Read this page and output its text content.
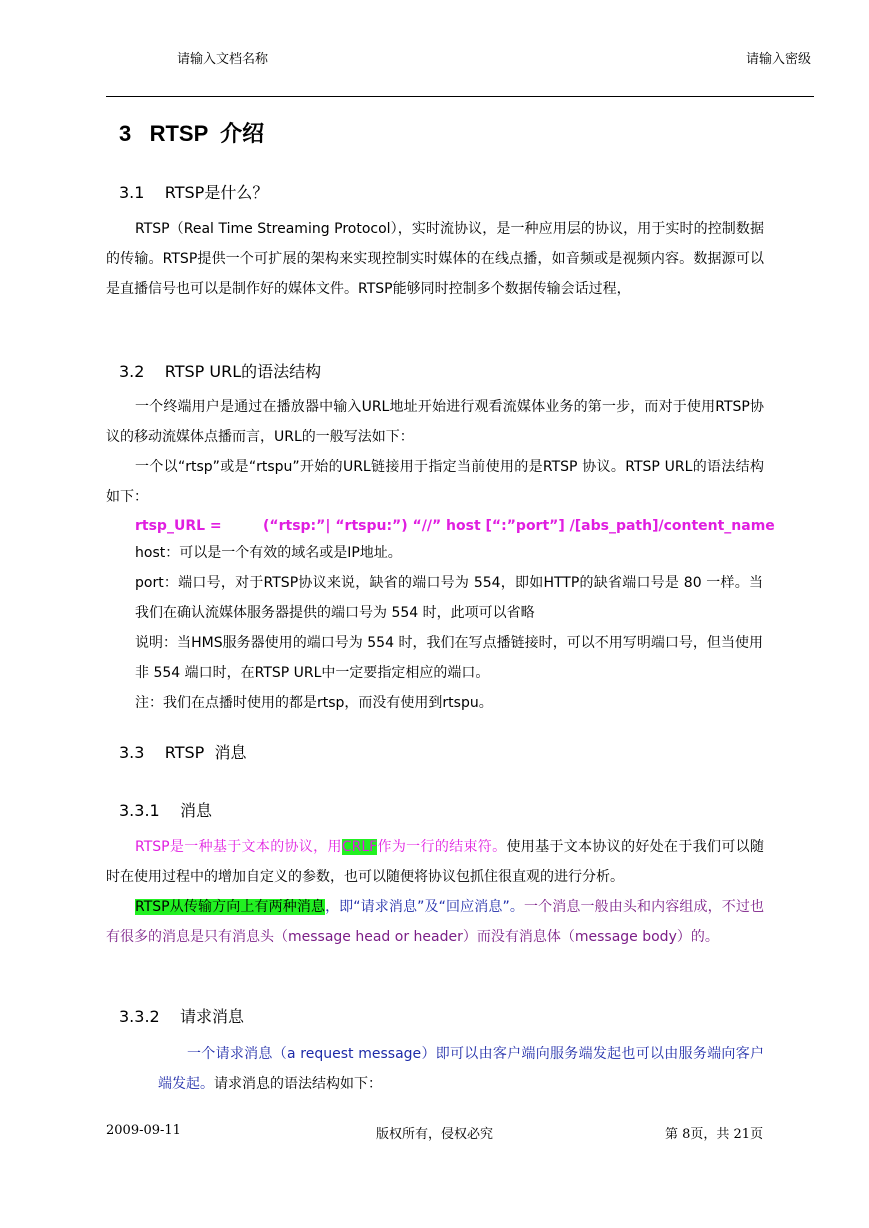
请输入文档名称	请输入密级
3   RTSP  介绍
3.1    RTSP是什么？
RTSP（Real Time Streaming Protocol），实时流协议，是一种应用层的协议，用于实时的控制数据的传输。RTSP提供一个可扩展的架构来实现控制实时媒体的在线点播，如音频或是视频内容。数据源可以是直播信号也可以是制作好的媒体文件。RTSP能够同时控制多个数据传输会话过程，
3.2    RTSP URL的语法结构
一个终端用户是通过在播放器中输入URL地址开始进行观看流媒体业务的第一步，而对于使用RTSP协议的移动流媒体点播而言，URL的一般写法如下：
一个以“rtsp”或是“rtspu”开始的URL链接用于指定当前使用的是RTSP 协议。RTSP URL的语法结构如下：
rtsp_URL =	(“rtsp:”| “rtspu:”) “//” host [“:”port”] /[abs_path]/content_name
host：可以是一个有效的域名或是IP地址。
port：端口号，对于RTSP协议来说，缺省的端口号为 554，即如HTTP的缺省端口号是 80 一样。当我们在确认流媒体服务器提供的端口号为 554 时，此项可以省略
说明：当HMS服务器使用的端口号为 554 时，我们在写点播链接时，可以不用写明端口号，但当使用非 554 端口时，在RTSP URL中一定要指定相应的端口。
注：我们在点播时使用的都是rtsp，而没有使用到rtspu。
3.3    RTSP  消息
3.3.1    消息
RTSP是一种基于文本的协议，用CRLF作为一行的结束符。使用基于文本协议的好处在于我们可以随时在使用过程中的增加自定义的参数，也可以随便将协议包抓住很直观的进行分析。
RTSP从传输方向上有两种消息，即“请求消息”及“回应消息”。一个消息一般由头和内容组成，不过也有很多的消息是只有消息头（message head or header）而没有消息体（message body）的。
3.3.2    请求消息
一个请求消息（a request message）即可以由客户端向服务端发起也可以由服务端向客户端发起。请求消息的语法结构如下：
2009-09-11	版权所有，侵权必究	第 8页，共 21页
